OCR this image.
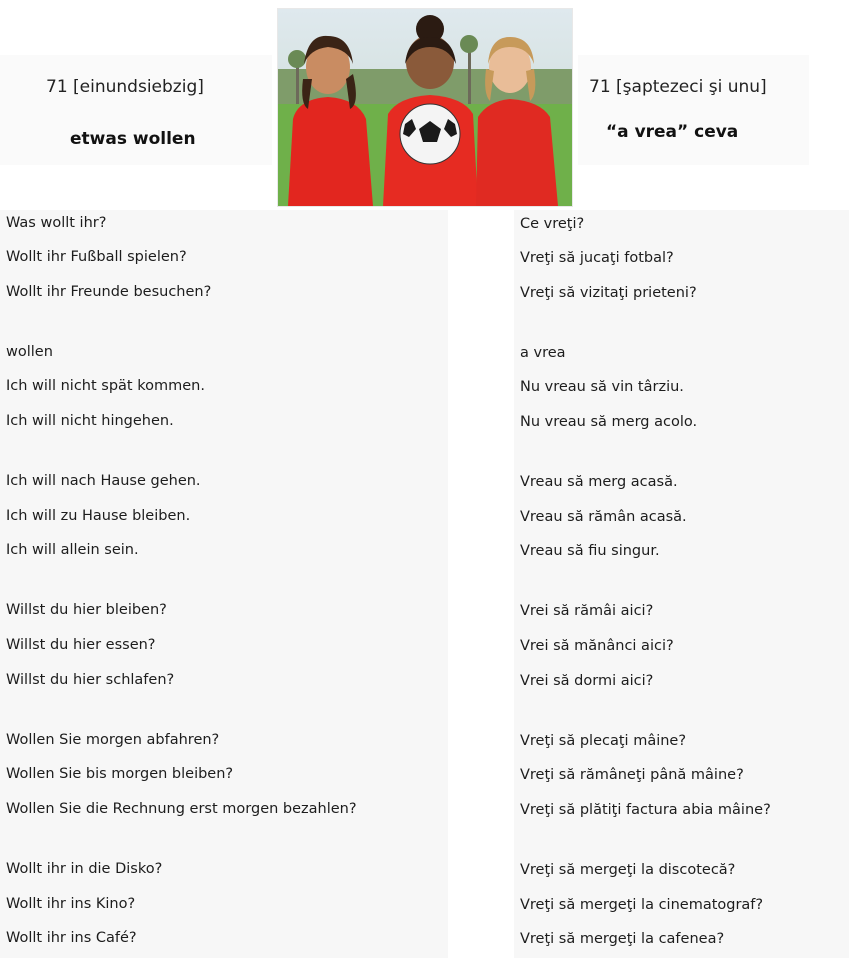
71 [einundsiebzig]
etwas wollen
71 [şaptezeci şi unu]
“a vrea” ceva
Was wollt ihr?	Ce vreţi?
Wollt ihr Fußball spielen?	Vreţi să jucaţi fotbal?
Wollt ihr Freunde besuchen?	Vreţi să vizitaţi prieteni?
wollen	a vrea
Ich will nicht spät kommen.	Nu vreau să vin târziu.
Ich will nicht hingehen.	Nu vreau să merg acolo.
Ich will nach Hause gehen.	Vreau să merg acasă.
Ich will zu Hause bleiben.	Vreau să rămân acasă.
Ich will allein sein.	Vreau să fiu singur.
Willst du hier bleiben?	Vrei să rămâi aici?
Willst du hier essen?	Vrei să mănânci aici?
Willst du hier schlafen?	Vrei să dormi aici?
Wollen Sie morgen abfahren?	Vreţi să plecaţi mâine?
Wollen Sie bis morgen bleiben?	Vreţi să rămâneţi până mâine?
Wollen Sie die Rechnung erst morgen bezahlen?	Vreţi să plătiţi factura abia mâine?
Wollt ihr in die Disko?	Vreţi să mergeţi la discotecă?
Wollt ihr ins Kino?	Vreţi să mergeţi la cinematograf?
Wollt ihr ins Café?	Vreţi să mergeţi la cafenea?
